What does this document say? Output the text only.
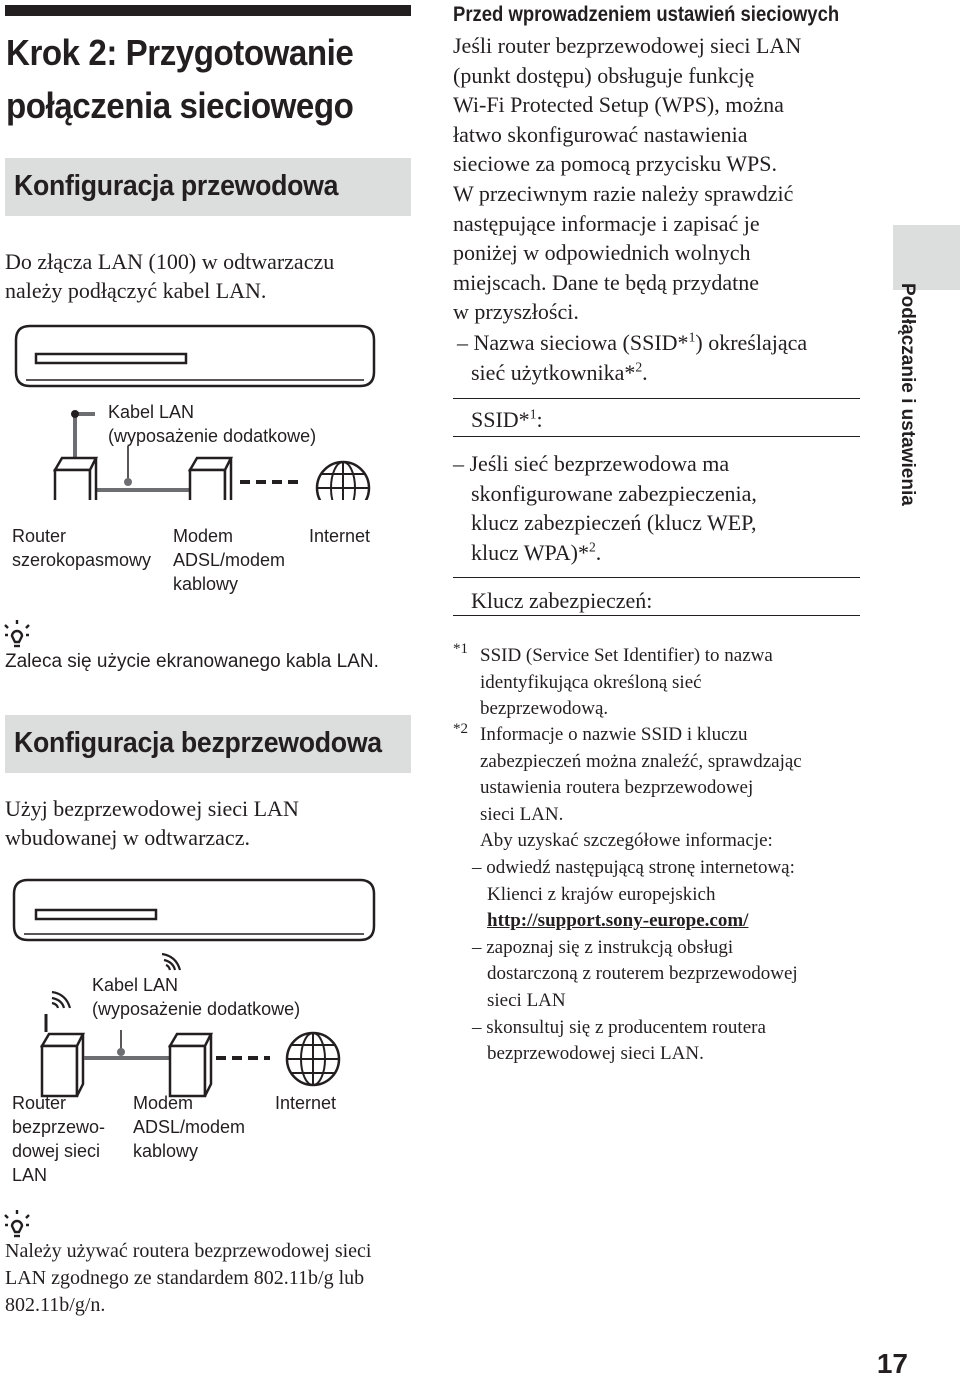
Krok 2: Przygotowanie
połączenia sieciowego
Konfiguracja przewodowa
Do złącza LAN (100) w odtwarzaczu
należy podłączyć kabel LAN.
Kabel LAN
(wyposażenie dodatkowe)
Router
szerokopasmowy
Modem
ADSL/modem
kablowy
Internet
Zaleca się użycie ekranowanego kabla LAN.
Konfiguracja bezprzewodowa
Użyj bezprzewodowej sieci LAN
wbudowanej w odtwarzacz.
Kabel LAN
(wyposażenie dodatkowe)
Router
bezprzewo-
dowej sieci
LAN
Modem
ADSL/modem
kablowy
Internet
Należy używać routera bezprzewodowej sieci
LAN zgodnego ze standardem 802.11b/g lub
802.11b/g/n.
Przed wprowadzeniem ustawień sieciowych
Jeśli router bezprzewodowej sieci LAN
(punkt dostępu) obsługuje funkcję
Wi-Fi Protected Setup (WPS), można
łatwo skonfigurować nastawienia
sieciowe za pomocą przycisku WPS.
W przeciwnym razie należy sprawdzić
następujące informacje i zapisać je
poniżej w odpowiednich wolnych
miejscach. Dane te będą przydatne
w przyszłości.
– Nazwa sieciowa (SSID*$^1$) określająca
sieć użytkownika*$^2$.
SSID*$^1$:
– Jeśli sieć bezprzewodowa ma
skonfigurowane zabezpieczenia,
klucz zabezpieczeń (klucz WEP,
klucz WPA)*$^2$.
Klucz zabezpieczeń:
*1 SSID (Service Set Identifier) to nazwa
identyfikująca określoną sieć
bezprzewodową.
*2 Informacje o nazwie SSID i kluczu
zabezpieczeń można znaleźć, sprawdzając
ustawienia routera bezprzewodowej
sieci LAN.
Aby uzyskać szczegółowe informacje:
– odwiedź następującą stronę internetową:
Klienci z krajów europejskich
http://support.sony-europe.com/
– zapoznaj się z instrukcją obsługi
dostarczoną z routerem bezprzewodowej
sieci LAN
– skonsultuj się z producentem routera
bezprzewodowej sieci LAN.
Podłączanie i ustawienia
17
